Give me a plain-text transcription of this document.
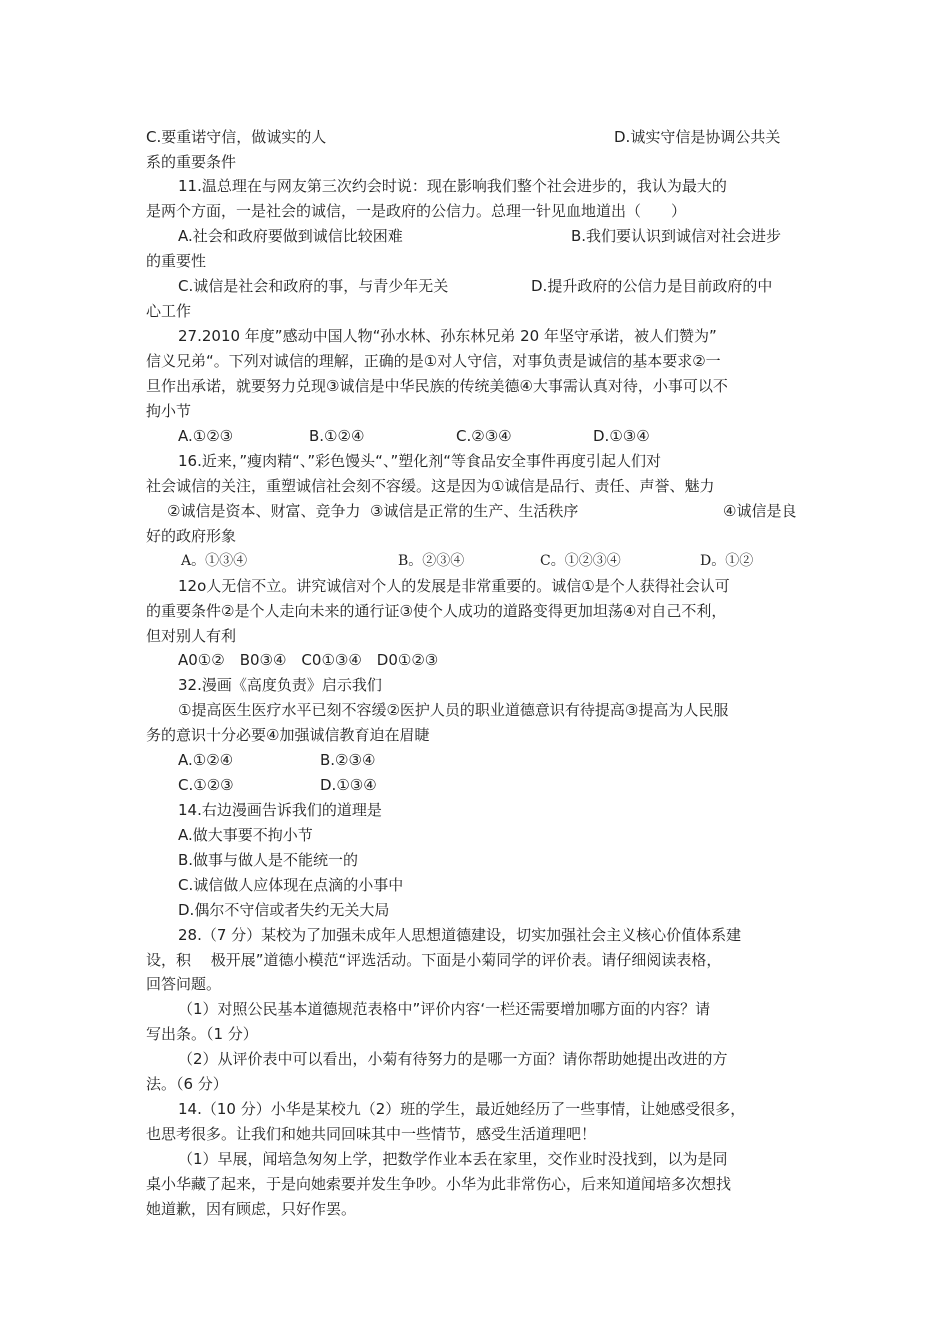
C.要重诺守信，做诚实的人	D.诚实守信是协调公共关
系的重要条件
11.温总理在与网友第三次约会时说：现在影响我们整个社会进步的，我认为最大的
是两个方面，一是社会的诚信，一是政府的公信力。总理一针见血地道出（　　）
A.社会和政府要做到诚信比较困难	B.我们要认识到诚信对社会进步
的重要性
C.诚信是社会和政府的事，与青少年无关	D.提升政府的公信力是目前政府的中
心工作
27.2010 年度”感动中国人物“孙水林、孙东林兄弟 20 年坚守承诺，被人们赞为”
信义兄弟“。下列对诚信的理解，正确的是①对人守信，对事负责是诚信的基本要求②一
旦作出承诺，就要努力兑现③诚信是中华民族的传统美德④大事需认真对待，小事可以不
拘小节
A.①②③	B.①②④	C.②③④	D.①③④
16.近来，”瘦肉精“、”彩色馒头“、”塑化剂“等食品安全事件再度引起人们对
社会诚信的关注，重塑诚信社会刻不容缓。这是因为①诚信是品行、责任、声誉、魅力
②诚信是资本、财富、竞争力  ③诚信是正常的生产、生活秩序	④诚信是良
好的政府形象
A。①③④	B。②③④	C。①②③④	D。①②
12o人无信不立。讲究诚信对个人的发展是非常重要的。诚信①是个人获得社会认可
的重要条件②是个人走向未来的通行证③使个人成功的道路变得更加坦荡④对自己不利，
但对别人有利
A0①②　B0③④　C0①③④　D0①②③
32.漫画《高度负责》启示我们
①提高医生医疗水平已刻不容缓②医护人员的职业道德意识有待提高③提高为人民服
务的意识十分必要④加强诚信教育迫在眉睫
A.①②④	B.②③④
C.①②③	D.①③④
14.右边漫画告诉我们的道理是
A.做大事要不拘小节
B.做事与做人是不能统一的
C.诚信做人应体现在点滴的小事中
D.偶尔不守信或者失约无关大局
28.（7 分）某校为了加强未成年人思想道德建设，切实加强社会主义核心价值体系建
设，积　 极开展”道德小模范“评选活动。下面是小菊同学的评价表。请仔细阅读表格，
回答问题。
（1）对照公民基本道德规范表格中”评价内容‘一栏还需要增加哪方面的内容？请
写出条。（1 分）
（2）从评价表中可以看出，小菊有待努力的是哪一方面？请你帮助她提出改进的方
法。（6 分）
14.（10 分）小华是某校九（2）班的学生，最近她经历了一些事情，让她感受很多，
也思考很多。让我们和她共同回味其中一些情节，感受生活道理吧！
（1）早展，闻培急匆匆上学，把数学作业本丢在家里，交作业时没找到，以为是同
桌小华藏了起来，于是向她索要并发生争吵。小华为此非常伤心，后来知道闻培多次想找
她道歉，因有顾虑，只好作罢。
